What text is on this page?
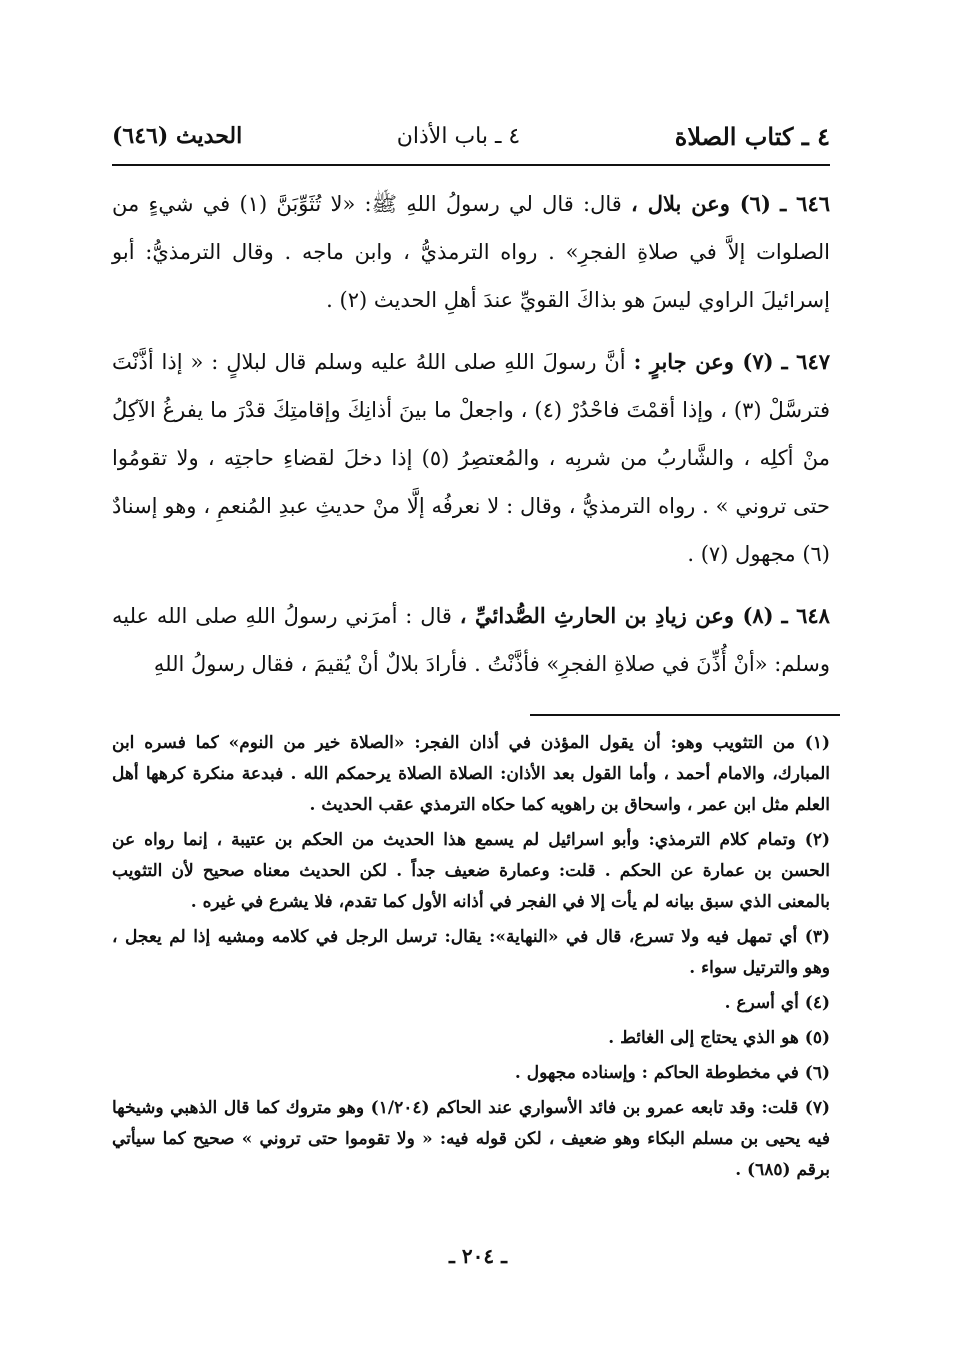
٤ ـ كتاب الصلاة
٤ ـ باب الأذان
الحديث (٦٤٦)

٦٤٦ ـ (٦) وعن بلال ، قال: قال لي رسولُ اللهِ ﷺ: «لا تُثَوِّبَنَّ (١) في شيءٍ من الصلوات إلاَّ في صلاةِ الفجرِ» . رواه الترمذيُّ ، وابن ماجه . وقال الترمذيُّ: أبو إسرائيلَ الراوي ليسَ هو بذاكَ القويِّ عندَ أهلِ الحديث (٢) .

٦٤٧ ـ (٧) وعن جابرٍ : أنَّ رسولَ اللهِ صلى اللهُ عليه وسلم قال لبلالٍ : « إذا أذَّنْتَ فترسَّلْ (٣) ، وإذا أقمْتَ فاحْدُرْ (٤) ، واجعلْ ما بينَ أذانِكَ وإقامتِكَ قدْرَ ما يفرغُ الآكِلُ منْ أكلِه ، والشَّاربُ من شربِه ، والمُعتصِرُ (٥) إذا دخلَ لقضاءِ حاجتِه ، ولا تقومُوا حتى تروني » . رواه الترمذيُّ ، وقال : لا نعرفُه إلَّا منْ حديثِ عبدِ المُنعمِ ، وهو إسنادٌ (٦) مجهول (٧) .

٦٤٨ ـ (٨) وعن زيادِ بن الحارثِ الصُّدائيِّ ، قال : أمرَني رسولُ اللهِ صلى الله عليه وسلم: «أنْ أُذِّنَ في صلاةِ الفجرِ» فأذَّنْتُ . فأرادَ بلالٌ أنْ يُقيمَ ، فقال رسولُ اللهِ

(١) من التثويب وهو: أن يقول المؤذن في أذان الفجر: «الصلاة خير من النوم» كما فسره ابن المبارك، والامام أحمد ، وأما القول بعد الأذان: الصلاة الصلاة يرحمكم الله . فبدعة منكرة كرهها أهل العلم مثل ابن عمر ، واسحاق بن راهويه كما حكاه الترمذي عقب الحديث .

(٢) وتمام كلام الترمذي: وأبو اسرائيل لم يسمع هذا الحديث من الحكم بن عتيبة ، إنما رواه عن الحسن بن عمارة عن الحكم . قلت: وعمارة ضعيف جداً . لكن الحديث معناه صحيح لأن التثويب بالمعنى الذي سبق بيانه لم يأت إلا في الفجر في أذانه الأول كما تقدم، فلا يشرع في غيره .

(٣) أي تمهل فيه ولا تسرع، قال في «النهاية»: يقال: ترسل الرجل في كلامه ومشيه إذا لم يعجل ، وهو والترتيل سواء .

(٤) أي أسرع .

(٥) هو الذي يحتاج إلى الغائط .

(٦) في مخطوطة الحاكم : وإسناده مجهول .

(٧) قلت: وقد تابعه عمرو بن فائد الأسواري عند الحاكم (١/٢٠٤) وهو متروك كما قال الذهبي وشيخها فيه يحيى بن مسلم البكاء وهو ضعيف ، لكن قوله فيه: « ولا تقوموا حتى تروني » صحيح كما سيأتي برقم (٦٨٥) .

ـ ٢٠٤ ـ
